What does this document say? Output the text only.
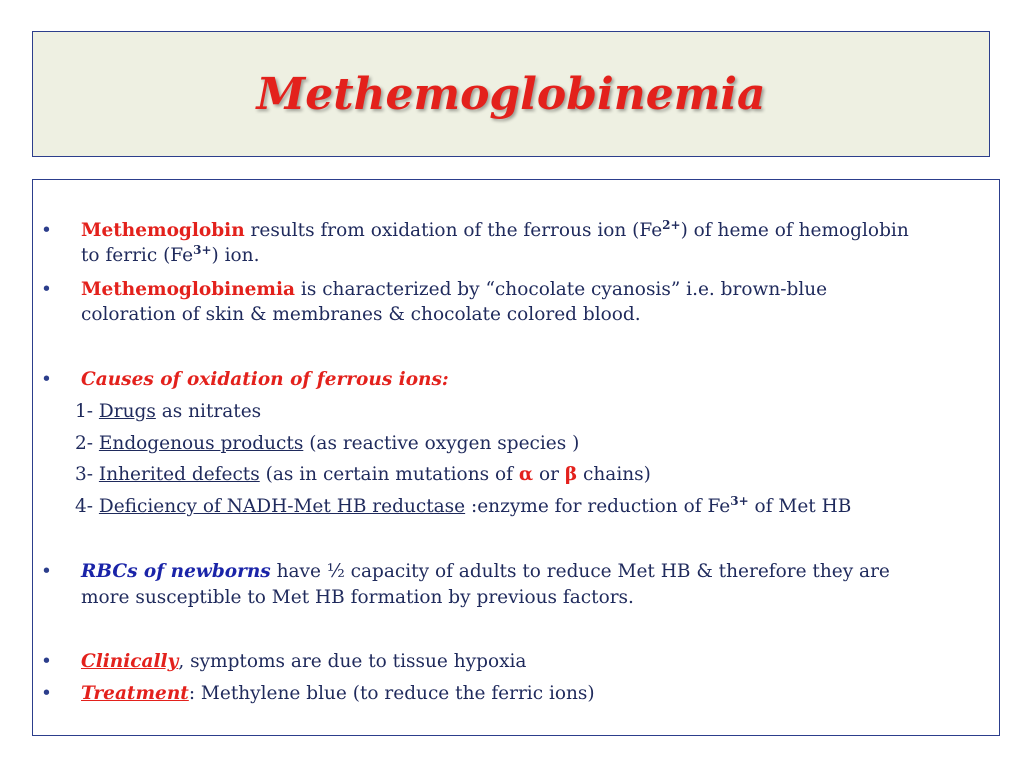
Methemoglobinemia
• Methemoglobin results from oxidation of the ferrous ion $(Fe^{2+})$ of heme of hemoglobin
to ferric $(Fe^{3+})$ ion.
• Methemoglobinemia is characterized by “chocolate cyanosis” i.e. brown-blue
coloration of skin & membranes & chocolate colored blood.
• Causes of oxidation of ferrous ions:
1- Drugs as nitrates
2- Endogenous products (as reactive oxygen species )
3- Inherited defects (as in certain mutations of α or β chains)
4- Deficiency of NADH-Met HB reductase :enzyme for reduction of $Fe^{3+}$ of Met HB
• RBCs of newborns have ½ capacity of adults to reduce Met HB & therefore they are
more susceptible to Met HB formation by previous factors.
• Clinically, symptoms are due to tissue hypoxia
• Treatment: Methylene blue (to reduce the ferric ions)
